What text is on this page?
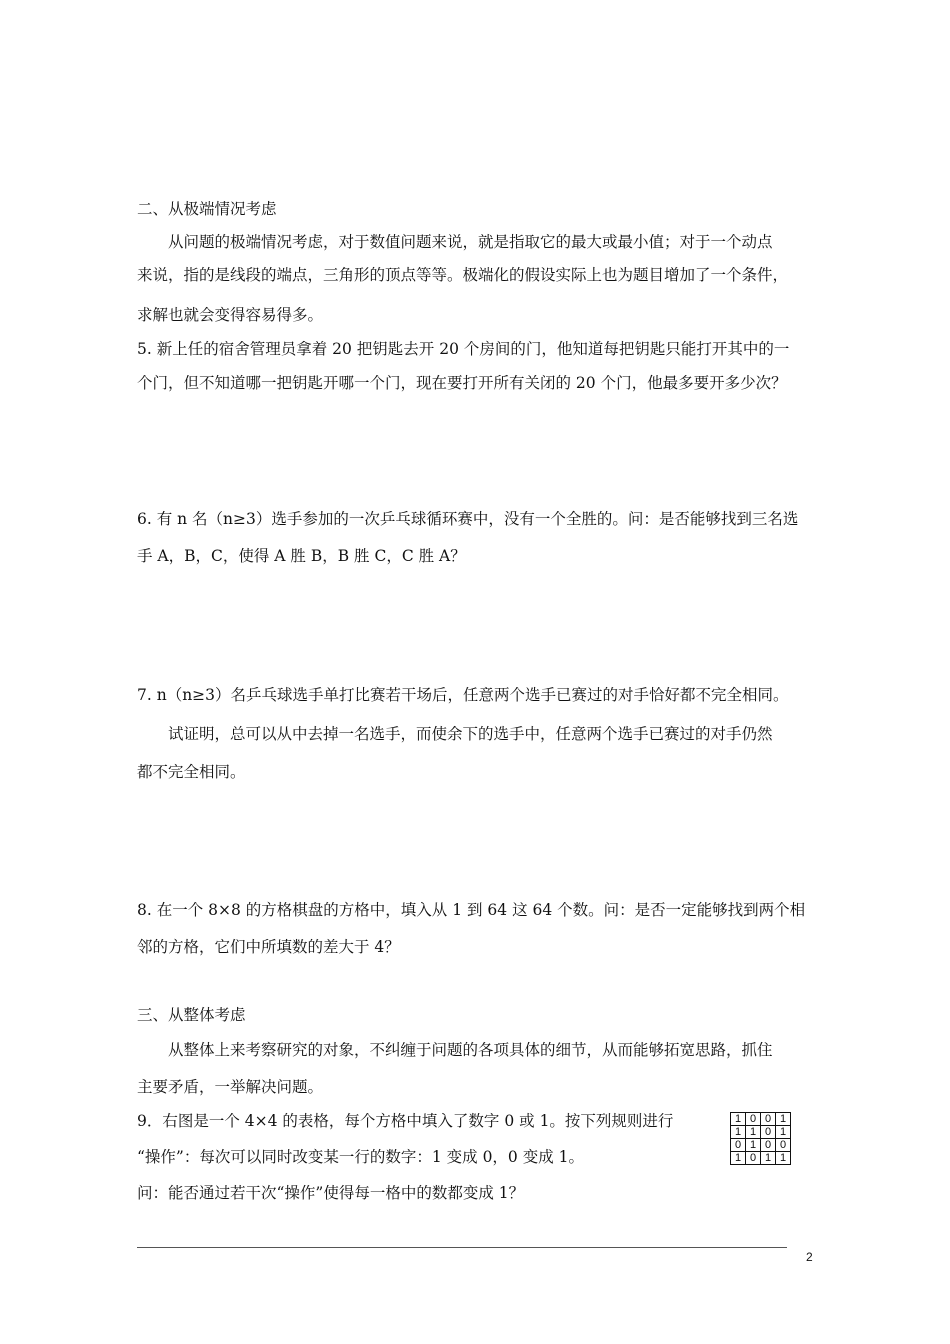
二、从极端情况考虑
从问题的极端情况考虑，对于数值问题来说，就是指取它的最大或最小值；对于一个动点
来说，指的是线段的端点，三角形的顶点等等。极端化的假设实际上也为题目增加了一个条件，
求解也就会变得容易得多。
5. 新上任的宿舍管理员拿着 20 把钥匙去开 20 个房间的门，他知道每把钥匙只能打开其中的一
个门，但不知道哪一把钥匙开哪一个门，现在要打开所有关闭的 20 个门，他最多要开多少次？
6. 有 n 名（n≥3）选手参加的一次乒乓球循环赛中，没有一个全胜的。问：是否能够找到三名选
手 A，B，C，使得 A 胜 B，B 胜 C，C 胜 A？
7. n（n≥3）名乒乓球选手单打比赛若干场后，任意两个选手已赛过的对手恰好都不完全相同。
试证明，总可以从中去掉一名选手，而使余下的选手中，任意两个选手已赛过的对手仍然
都不完全相同。
8. 在一个 8×8 的方格棋盘的方格中，填入从 1 到 64 这 64 个数。问：是否一定能够找到两个相
邻的方格，它们中所填数的差大于 4？
三、从整体考虑
从整体上来考察研究的对象，不纠缠于问题的各项具体的细节，从而能够拓宽思路，抓住
主要矛盾，一举解决问题。
9．右图是一个 4×4 的表格，每个方格中填入了数字 0 或 1。按下列规则进行
“操作”：每次可以同时改变某一行的数字：1 变成 0，0 变成 1。
问：能否通过若干次“操作”使得每一格中的数都变成 1？
1	0	0	1
1	1	0	1
0	1	0	0
1	0	1	1
2
